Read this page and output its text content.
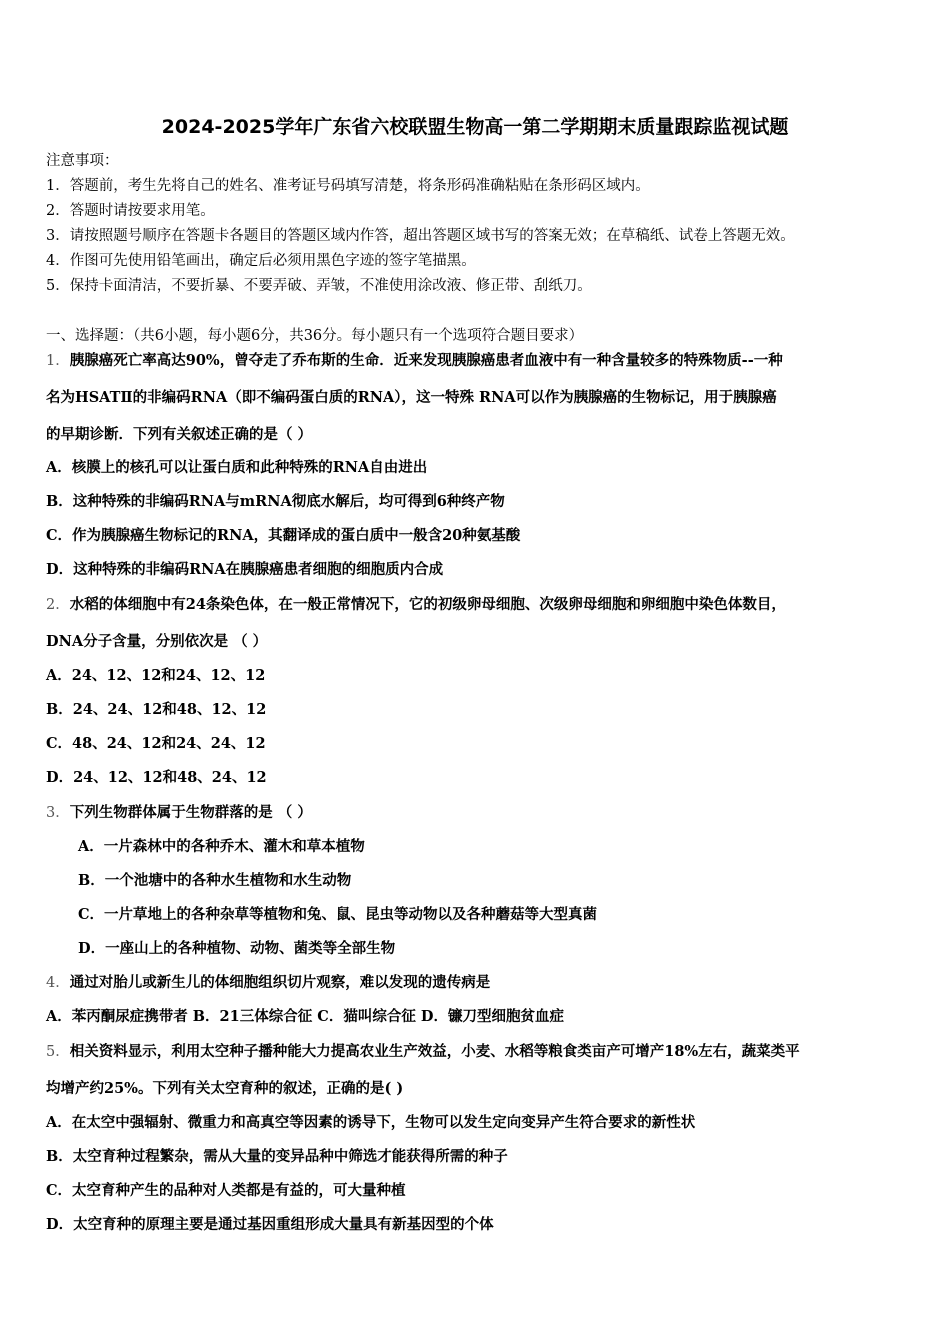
2024-2025学年广东省六校联盟生物高一第二学期期末质量跟踪监视试题
注意事项：
1．答题前，考生先将自己的姓名、准考证号码填写清楚，将条形码准确粘贴在条形码区域内。
2．答题时请按要求用笔。
3．请按照题号顺序在答题卡各题目的答题区域内作答，超出答题区域书写的答案无效；在草稿纸、试卷上答题无效。
4．作图可先使用铅笔画出，确定后必须用黑色字迹的签字笔描黑。
5．保持卡面清洁，不要折暴、不要弄破、弄皱，不准使用涂改液、修正带、刮纸刀。
一、选择题：（共6小题，每小题6分，共36分。每小题只有一个选项符合题目要求）
1．胰腺癌死亡率高达90%，曾夺走了乔布斯的生命．近来发现胰腺癌患者血液中有一种含量较多的特殊物质--一种
名为HSATⅡ的非编码RNA（即不编码蛋白质的RNA），这一特殊 RNA可以作为胰腺癌的生物标记，用于胰腺癌
的早期诊断．下列有关叙述正确的是（ ）
A．核膜上的核孔可以让蛋白质和此种特殊的RNA自由进出
B．这种特殊的非编码RNA与mRNA彻底水解后，均可得到6种终产物
C．作为胰腺癌生物标记的RNA，其翻译成的蛋白质中一般含20种氨基酸
D．这种特殊的非编码RNA在胰腺癌患者细胞的细胞质内合成
2．水稻的体细胞中有24条染色体，在一般正常情况下，它的初级卵母细胞、次级卵母细胞和卵细胞中染色体数目，
DNA分子含量，分别依次是 （ ）
A．24、12、12和24、12、12
B．24、24、12和48、12、12
C．48、24、12和24、24、12
D．24、12、12和48、24、12
3．下列生物群体属于生物群落的是 （ ）
A．一片森林中的各种乔木、灌木和草本植物
B．一个池塘中的各种水生植物和水生动物
C．一片草地上的各种杂草等植物和兔、鼠、昆虫等动物以及各种蘑菇等大型真菌
D．一座山上的各种植物、动物、菌类等全部生物
4．通过对胎儿或新生儿的体细胞组织切片观察，难以发现的遗传病是
A．苯丙酮尿症携带者 B．21三体综合征 C．猫叫综合征 D．镰刀型细胞贫血症
5．相关资料显示，利用太空种子播种能大力提高农业生产效益，小麦、水稻等粮食类亩产可增产18%左右，蔬菜类平
均增产约25%。下列有关太空育种的叙述，正确的是( )
A．在太空中强辐射、微重力和高真空等因素的诱导下，生物可以发生定向变异产生符合要求的新性状
B．太空育种过程繁杂，需从大量的变异品种中筛选才能获得所需的种子
C．太空育种产生的品种对人类都是有益的，可大量种植
D．太空育种的原理主要是通过基因重组形成大量具有新基因型的个体
